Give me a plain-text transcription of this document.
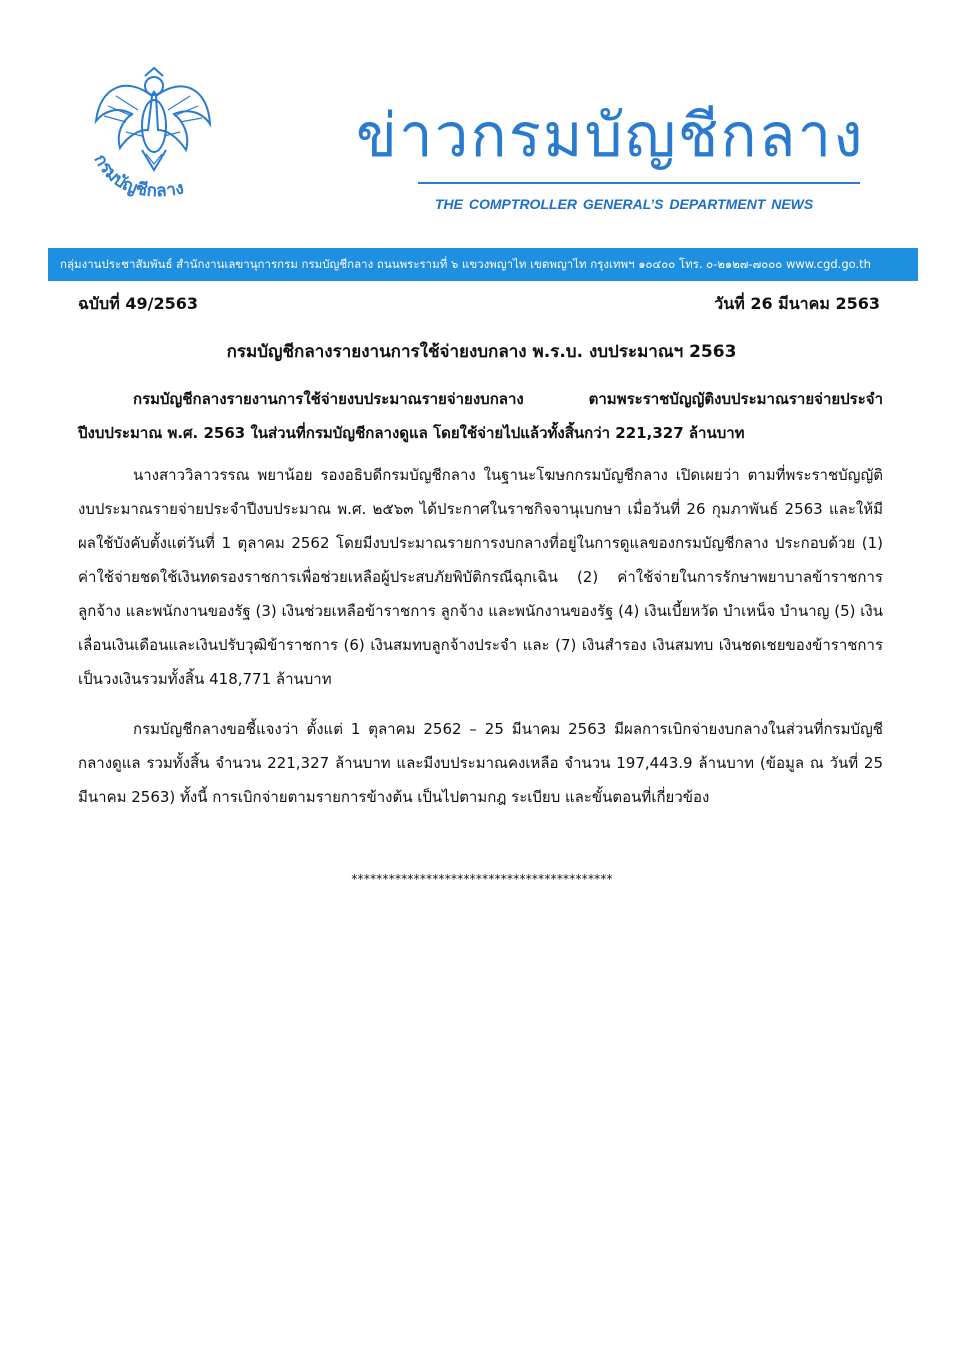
กรมบัญชีกลาง
ข่าวกรมบัญชีกลาง
THE COMPTROLLER GENERAL’S DEPARTMENT NEWS
กลุ่มงานประชาสัมพันธ์ สำนักงานเลขานุการกรม กรมบัญชีกลาง ถนนพระรามที่ ๖ แขวงพญาไท เขตพญาไท กรุงเทพฯ ๑๐๔๐๐ โทร. ๐-๒๑๒๗-๗๐๐๐ www.cgd.go.th
ฉบับที่ 49/2563	วันที่ 26 มีนาคม 2563
กรมบัญชีกลางรายงานการใช้จ่ายงบกลาง พ.ร.บ. งบประมาณฯ 2563
กรมบัญชีกลางรายงานการใช้จ่ายงบประมาณรายจ่ายงบกลาง ตามพระราชบัญญัติงบประมาณรายจ่ายประจำปีงบประมาณ พ.ศ. 2563 ในส่วนที่กรมบัญชีกลางดูแล โดยใช้จ่ายไปแล้วทั้งสิ้นกว่า 221,327 ล้านบาท
นางสาววิลาวรรณ พยาน้อย รองอธิบดีกรมบัญชีกลาง ในฐานะโฆษกกรมบัญชีกลาง เปิดเผยว่า ตามที่พระราชบัญญัติงบประมาณรายจ่ายประจำปีงบประมาณ พ.ศ. ๒๕๖๓ ได้ประกาศในราชกิจจานุเบกษา เมื่อวันที่ 26 กุมภาพันธ์ 2563 และให้มีผลใช้บังคับตั้งแต่วันที่ 1 ตุลาคม 2562 โดยมีงบประมาณรายการงบกลางที่อยู่ในการดูแลของกรมบัญชีกลาง ประกอบด้วย (1) ค่าใช้จ่ายชดใช้เงินทดรองราชการเพื่อช่วยเหลือผู้ประสบภัยพิบัติกรณีฉุกเฉิน (2) ค่าใช้จ่ายในการรักษาพยาบาลข้าราชการ ลูกจ้าง และพนักงานของรัฐ (3) เงินช่วยเหลือข้าราชการ ลูกจ้าง และพนักงานของรัฐ (4) เงินเบี้ยหวัด บำเหน็จ บำนาญ (5) เงินเลื่อนเงินเดือนและเงินปรับวุฒิข้าราชการ (6) เงินสมทบลูกจ้างประจำ และ (7) เงินสำรอง เงินสมทบ เงินชดเชยของข้าราชการ เป็นวงเงินรวมทั้งสิ้น 418,771 ล้านบาท
กรมบัญชีกลางขอชี้แจงว่า ตั้งแต่ 1 ตุลาคม 2562 – 25 มีนาคม 2563 มีผลการเบิกจ่ายงบกลางในส่วนที่กรมบัญชีกลางดูแล รวมทั้งสิ้น จำนวน 221,327 ล้านบาท และมีงบประมาณคงเหลือ จำนวน 197,443.9 ล้านบาท (ข้อมูล ณ วันที่ 25 มีนาคม 2563) ทั้งนี้ การเบิกจ่ายตามรายการข้างต้น เป็นไปตามกฎ ระเบียบ และขั้นตอนที่เกี่ยวข้อง
******************************************
